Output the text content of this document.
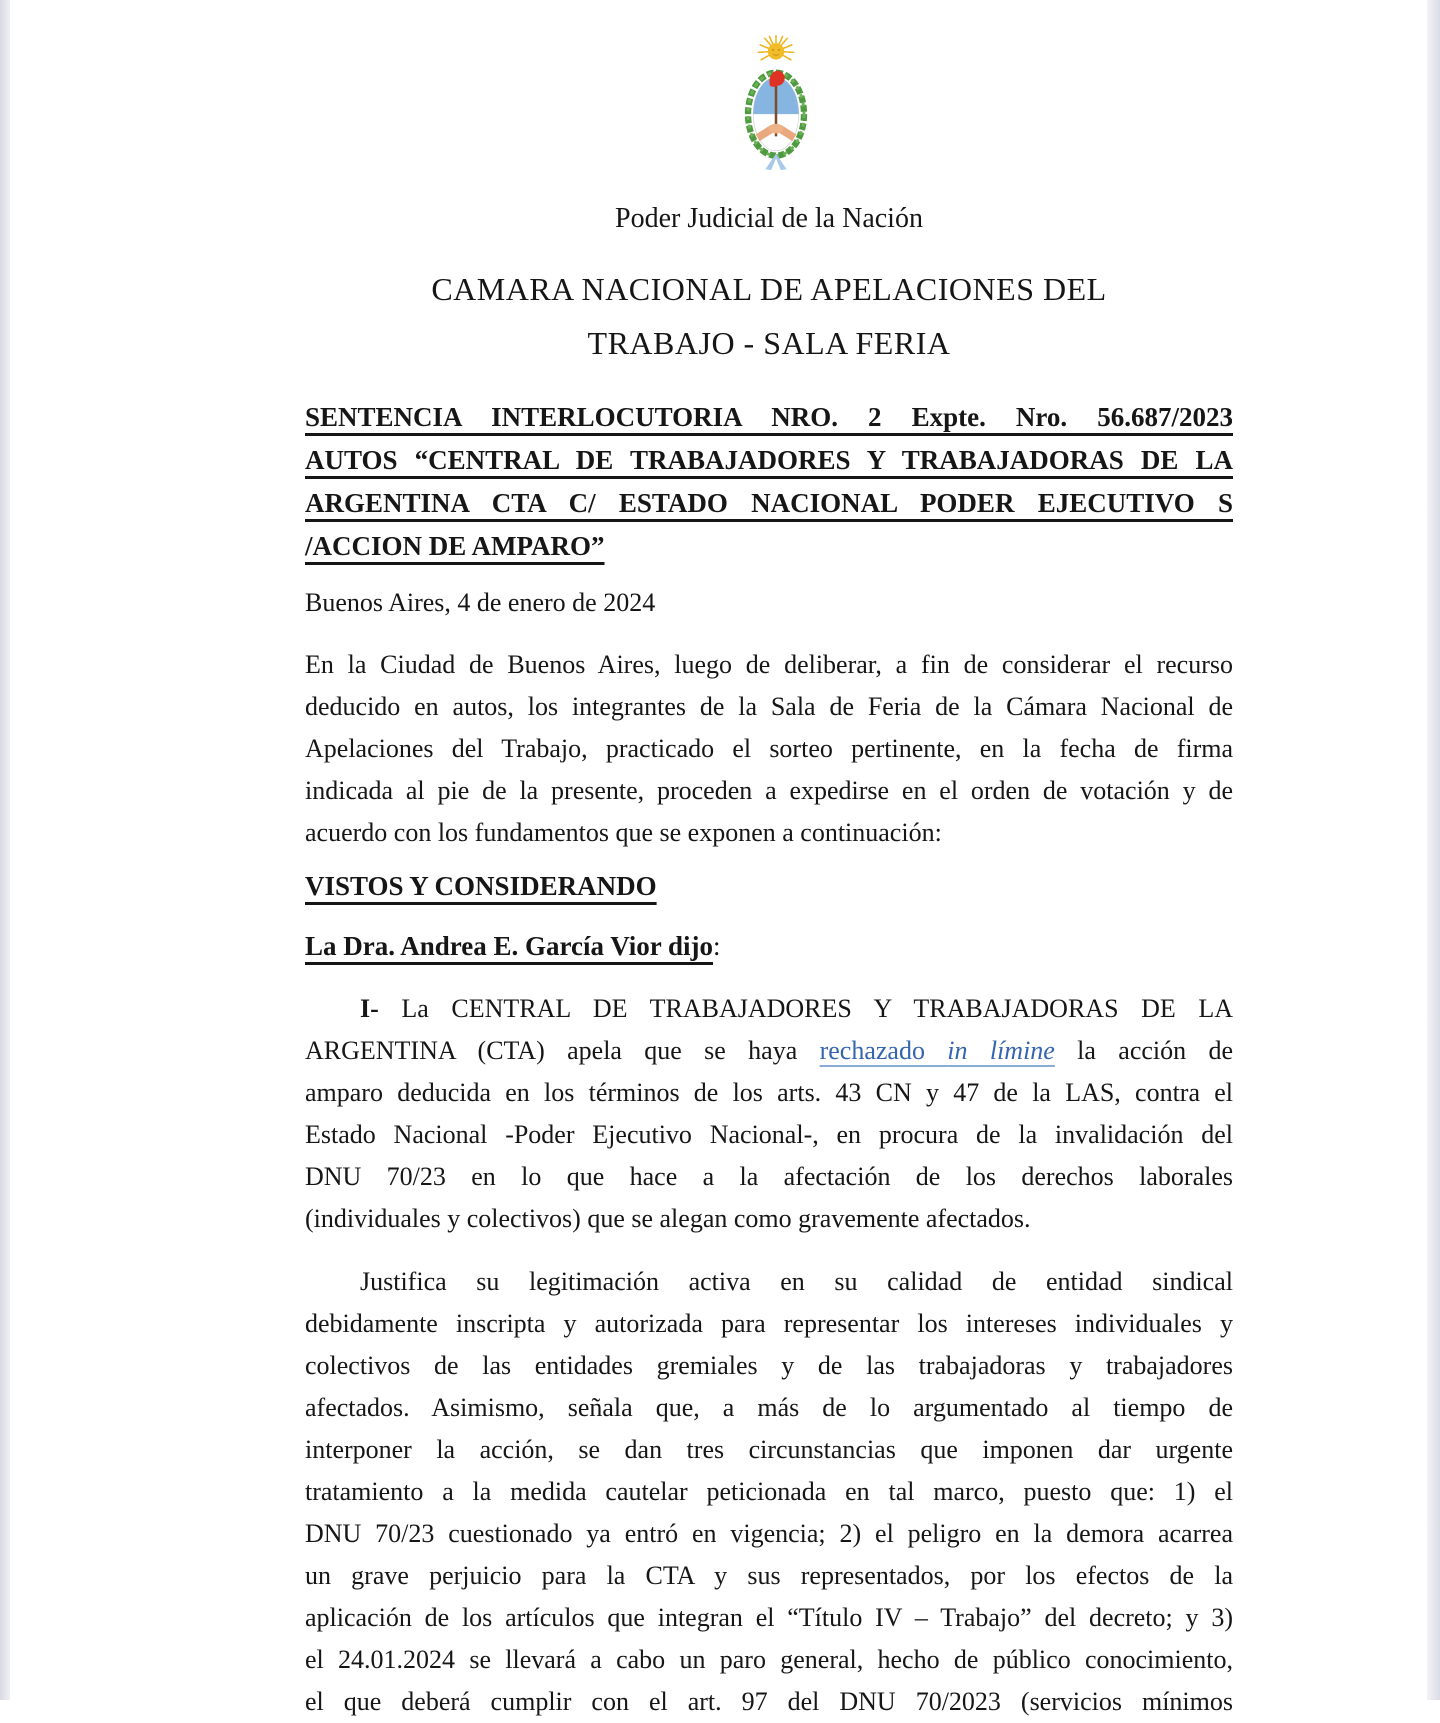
Poder Judicial de la Nación
CAMARA NACIONAL DE APELACIONES DEL
TRABAJO - SALA FERIA
SENTENCIA INTERLOCUTORIA NRO. 2 Expte. Nro. 56.687/2023
AUTOS “CENTRAL DE TRABAJADORES Y TRABAJADORAS DE LA
ARGENTINA CTA C/ ESTADO NACIONAL PODER EJECUTIVO S
/ACCION DE AMPARO”
Buenos Aires, 4 de enero de 2024
En la Ciudad de Buenos Aires, luego de deliberar, a fin de considerar el recurso
deducido en autos, los integrantes de la Sala de Feria de la Cámara Nacional de
Apelaciones del Trabajo, practicado el sorteo pertinente, en la fecha de firma
indicada al pie de la presente, proceden a expedirse en el orden de votación y de
acuerdo con los fundamentos que se exponen a continuación:
VISTOS Y CONSIDERANDO
La Dra. Andrea E. García Vior dijo:
I- La CENTRAL DE TRABAJADORES Y TRABAJADORAS DE LA
ARGENTINA (CTA) apela que se haya rechazado in límine la acción de
amparo deducida en los términos de los arts. 43 CN y 47 de la LAS, contra el
Estado Nacional -Poder Ejecutivo Nacional-, en procura de la invalidación del
DNU 70/23 en lo que hace a la afectación de los derechos laborales
(individuales y colectivos) que se alegan como gravemente afectados.
Justifica su legitimación activa en su calidad de entidad sindical
debidamente inscripta y autorizada para representar los intereses individuales y
colectivos de las entidades gremiales y de las trabajadoras y trabajadores
afectados. Asimismo, señala que, a más de lo argumentado al tiempo de
interponer la acción, se dan tres circunstancias que imponen dar urgente
tratamiento a la medida cautelar peticionada en tal marco, puesto que: 1) el
DNU 70/23 cuestionado ya entró en vigencia; 2) el peligro en la demora acarrea
un grave perjuicio para la CTA y sus representados, por los efectos de la
aplicación de los artículos que integran el “Título IV – Trabajo” del decreto; y 3)
el 24.01.2024 se llevará a cabo un paro general, hecho de público conocimiento,
el que deberá cumplir con el art. 97 del DNU 70/2023 (servicios mínimos
